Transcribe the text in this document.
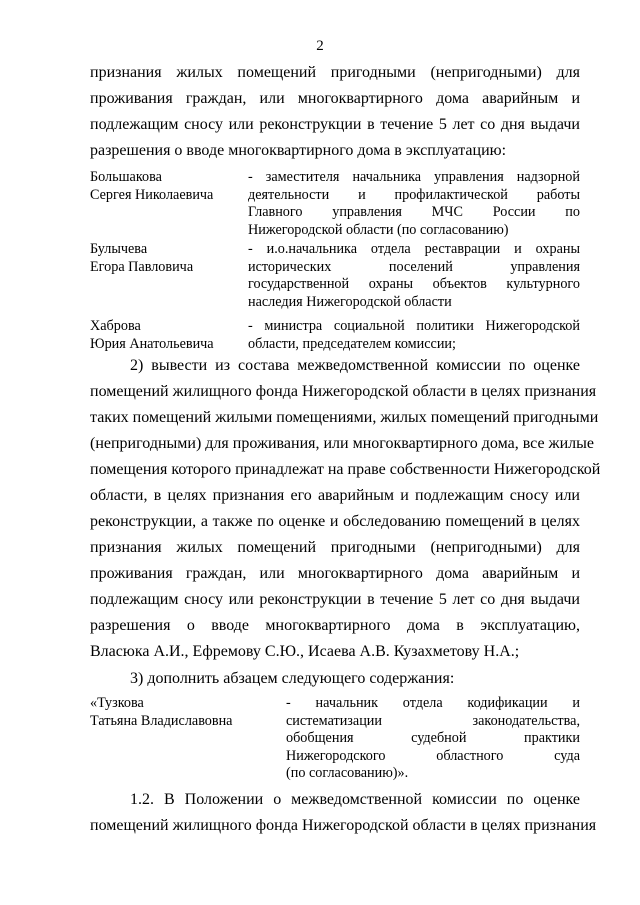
2
признания жилых помещений пригодными (непригодными) для
проживания граждан, или многоквартирного дома аварийным и
подлежащим сносу или реконструкции в течение 5 лет со дня выдачи
разрешения о вводе многоквартирного дома в эксплуатацию:
Большакова
Сергея Николаевича
- заместителя начальника управления надзорной
деятельности и профилактической работы
Главного управления МЧС России по
Нижегородской области (по согласованию)
Булычева
Егора Павловича
- и.о.начальника отдела реставрации и охраны
исторических поселений управления
государственной охраны объектов культурного
наследия Нижегородской области
Хаброва
Юрия Анатольевича
- министра социальной политики Нижегородской
области, председателем комиссии;
2) вывести из состава межведомственной комиссии по оценке
помещений жилищного фонда Нижегородской области в целях признания
таких помещений жилыми помещениями, жилых помещений пригодными
(непригодными) для проживания, или многоквартирного дома, все жилые
помещения которого принадлежат на праве собственности Нижегородской
области, в целях признания его аварийным и подлежащим сносу или
реконструкции, а также по оценке и обследованию помещений в целях
признания жилых помещений пригодными (непригодными) для
проживания граждан, или многоквартирного дома аварийным и
подлежащим сносу или реконструкции в течение 5 лет со дня выдачи
разрешения о вводе многоквартирного дома в эксплуатацию,
Власюка А.И., Ефремову С.Ю., Исаева А.В. Кузахметову Н.А.;
3) дополнить абзацем следующего содержания:
«Тузкова
Татьяна Владиславовна
- начальник отдела кодификации и
систематизации законодательства,
обобщения судебной практики
Нижегородского областного суда
(по согласованию)».
1.2. В Положении о межведомственной комиссии по оценке
помещений жилищного фонда Нижегородской области в целях признания
